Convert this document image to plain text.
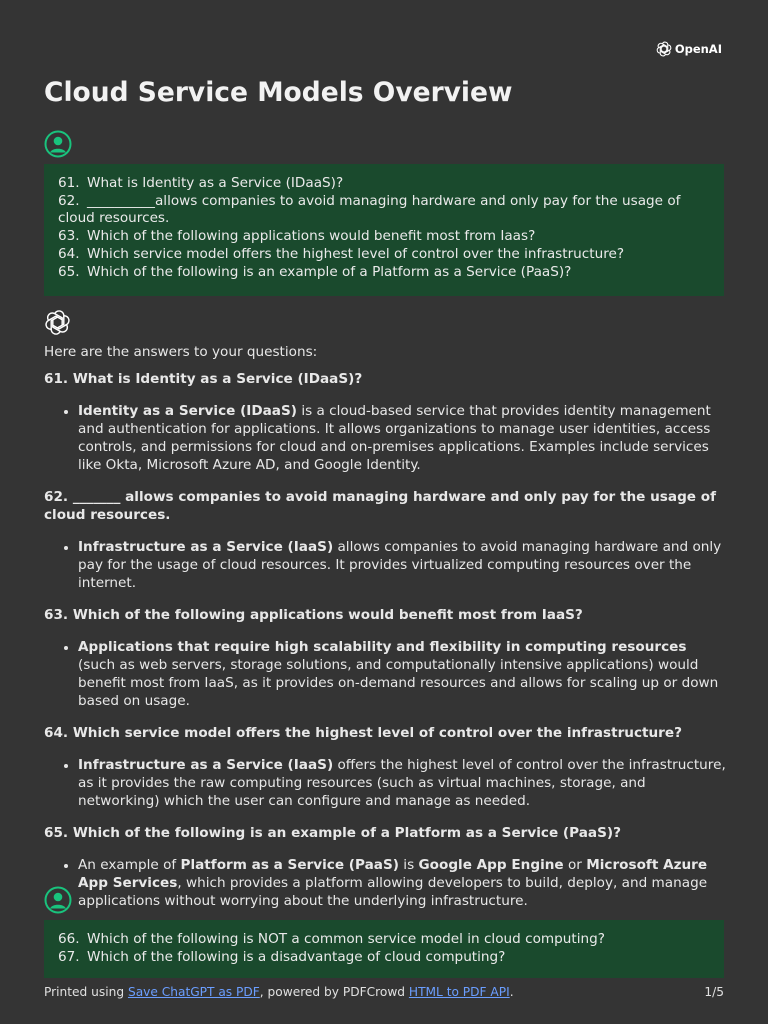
OpenAI
Cloud Service Models Overview

61. What is Identity as a Service (IDaaS)?

62. __________allows companies to avoid managing hardware and only pay for the usage of cloud resources.

63. Which of the following applications would benefit most from Iaas?

64. Which service model offers the highest level of control over the infrastructure?

65. Which of the following is an example of a Platform as a Service (PaaS)?

Here are the answers to your questions:

61. What is Identity as a Service (IDaaS)?

• Identity as a Service (IDaaS) is a cloud-based service that provides identity management and authentication for applications. It allows organizations to manage user identities, access controls, and permissions for cloud and on-premises applications. Examples include services like Okta, Microsoft Azure AD, and Google Identity.

62. _______ allows companies to avoid managing hardware and only pay for the usage of cloud resources.

• Infrastructure as a Service (IaaS) allows companies to avoid managing hardware and only pay for the usage of cloud resources. It provides virtualized computing resources over the internet.

63. Which of the following applications would benefit most from IaaS?

• Applications that require high scalability and flexibility in computing resources (such as web servers, storage solutions, and computationally intensive applications) would benefit most from IaaS, as it provides on-demand resources and allows for scaling up or down based on usage.

64. Which service model offers the highest level of control over the infrastructure?

• Infrastructure as a Service (IaaS) offers the highest level of control over the infrastructure, as it provides the raw computing resources (such as virtual machines, storage, and networking) which the user can configure and manage as needed.

65. Which of the following is an example of a Platform as a Service (PaaS)?

• An example of Platform as a Service (PaaS) is Google App Engine or Microsoft Azure App Services, which provides a platform allowing developers to build, deploy, and manage applications without worrying about the underlying infrastructure.

66. Which of the following is NOT a common service model in cloud computing?

67. Which of the following is a disadvantage of cloud computing?

Printed using Save ChatGPT as PDF, powered by PDFCrowd HTML to PDF API.	1/5
